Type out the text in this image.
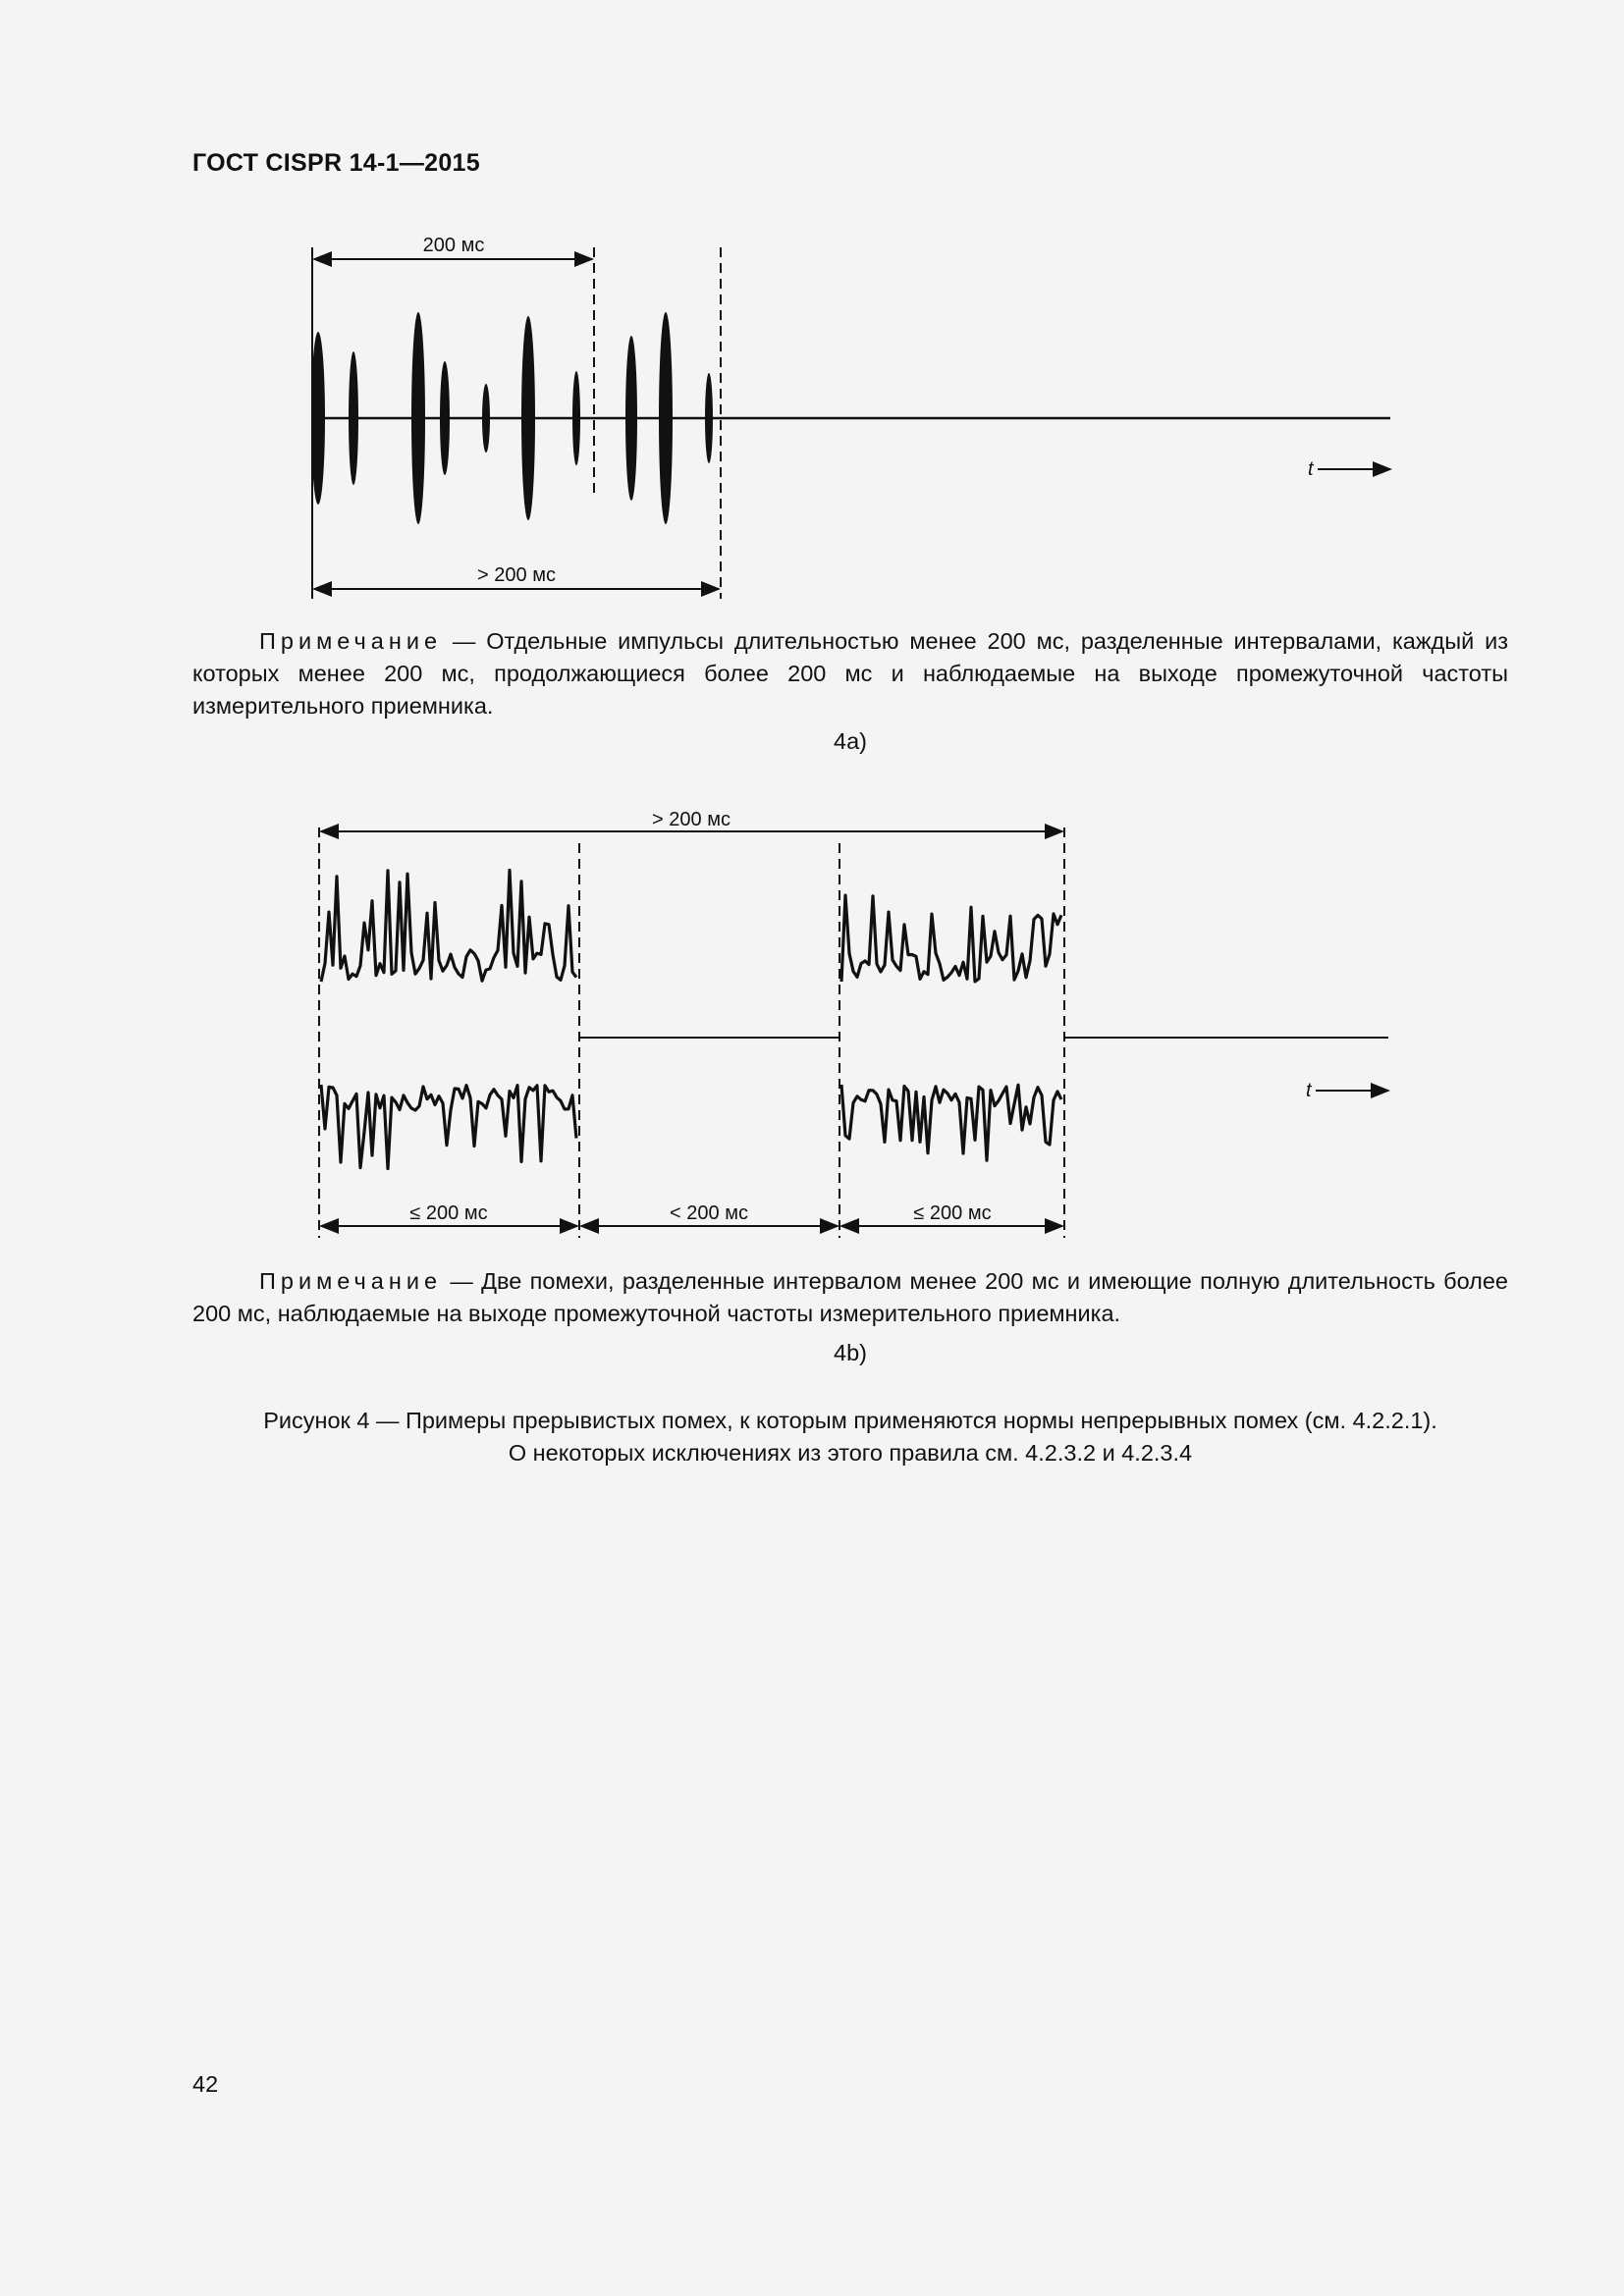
ГОСТ CISPR 14-1—2015
200 мс
> 200 мс
t
Примечание — Отдельные импульсы длительностью менее 200 мс, разделенные интервалами, каждый из которых менее 200 мс, продолжающиеся более 200 мс и наблюдаемые на выходе промежуточной частоты измерительного приемника.
4а)
> 200 мс
≤ 200 мс	< 200 мс	≤ 200 мс
t
Примечание — Две помехи, разделенные интервалом менее 200 мс и имеющие полную длительность более 200 мс, наблюдаемые на выходе промежуточной частоты измерительного приемника.
4b)
Рисунок 4 — Примеры прерывистых помех, к которым применяются нормы непрерывных помех (см. 4.2.2.1).
О некоторых исключениях из этого правила см. 4.2.3.2 и 4.2.3.4
42
